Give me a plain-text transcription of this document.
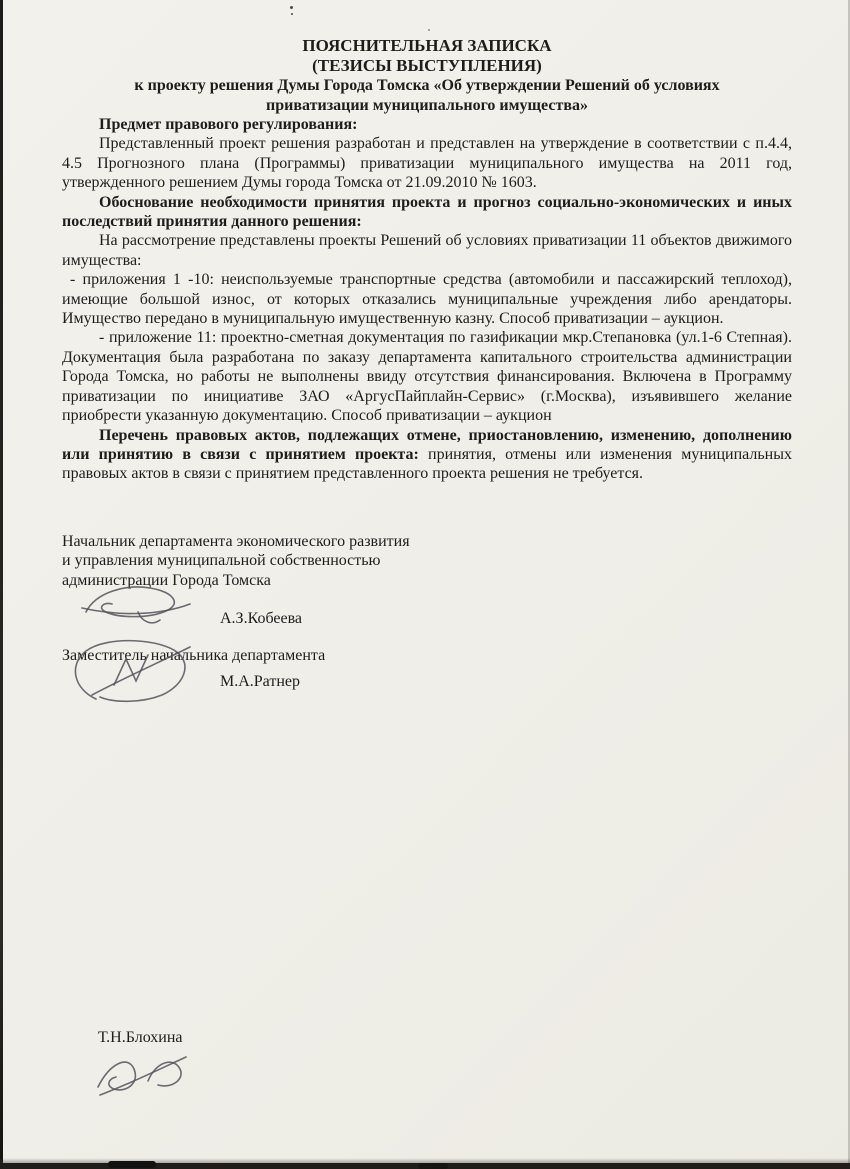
ПОЯСНИТЕЛЬНАЯ ЗАПИСКА
(ТЕЗИСЫ ВЫСТУПЛЕНИЯ)
к проекту решения Думы Города Томска «Об утверждении Решений об условиях приватизации муниципального имущества»

Предмет правового регулирования:

Представленный проект решения разработан и представлен на утверждение в соответствии с п.4.4, 4.5 Прогнозного плана (Программы) приватизации муниципального имущества на 2011 год, утвержденного решением Думы города Томска от 21.09.2010 № 1603.

Обоснование необходимости принятия проекта и прогноз социально-экономических и иных последствий принятия данного решения:

На рассмотрение представлены проекты Решений об условиях приватизации 11 объектов движимого имущества:

- приложения 1 -10: неиспользуемые транспортные средства (автомобили и пассажирский теплоход), имеющие большой износ, от которых отказались муниципальные учреждения либо арендаторы. Имущество передано в муниципальную имущественную казну. Способ приватизации – аукцион.

- приложение 11: проектно-сметная документация по газификации мкр.Степановка (ул.1-6 Степная). Документация была разработана по заказу департамента капитального строительства администрации Города Томска, но работы не выполнены ввиду отсутствия финансирования. Включена в Программу приватизации по инициативе ЗАО «АргусПайплайн-Сервис» (г.Москва), изъявившего желание приобрести указанную документацию. Способ приватизации – аукцион

Перечень правовых актов, подлежащих отмене, приостановлению, изменению, дополнению или принятию в связи с принятием проекта: принятия, отмены или изменения муниципальных правовых актов в связи с принятием представленного проекта решения не требуется.

Начальник департамента экономического развития
и управления муниципальной собственностью
администрации Города Томска
А.З.Кобеева
Заместитель начальника департамента
М.А.Ратнер
Т.Н.Блохина
